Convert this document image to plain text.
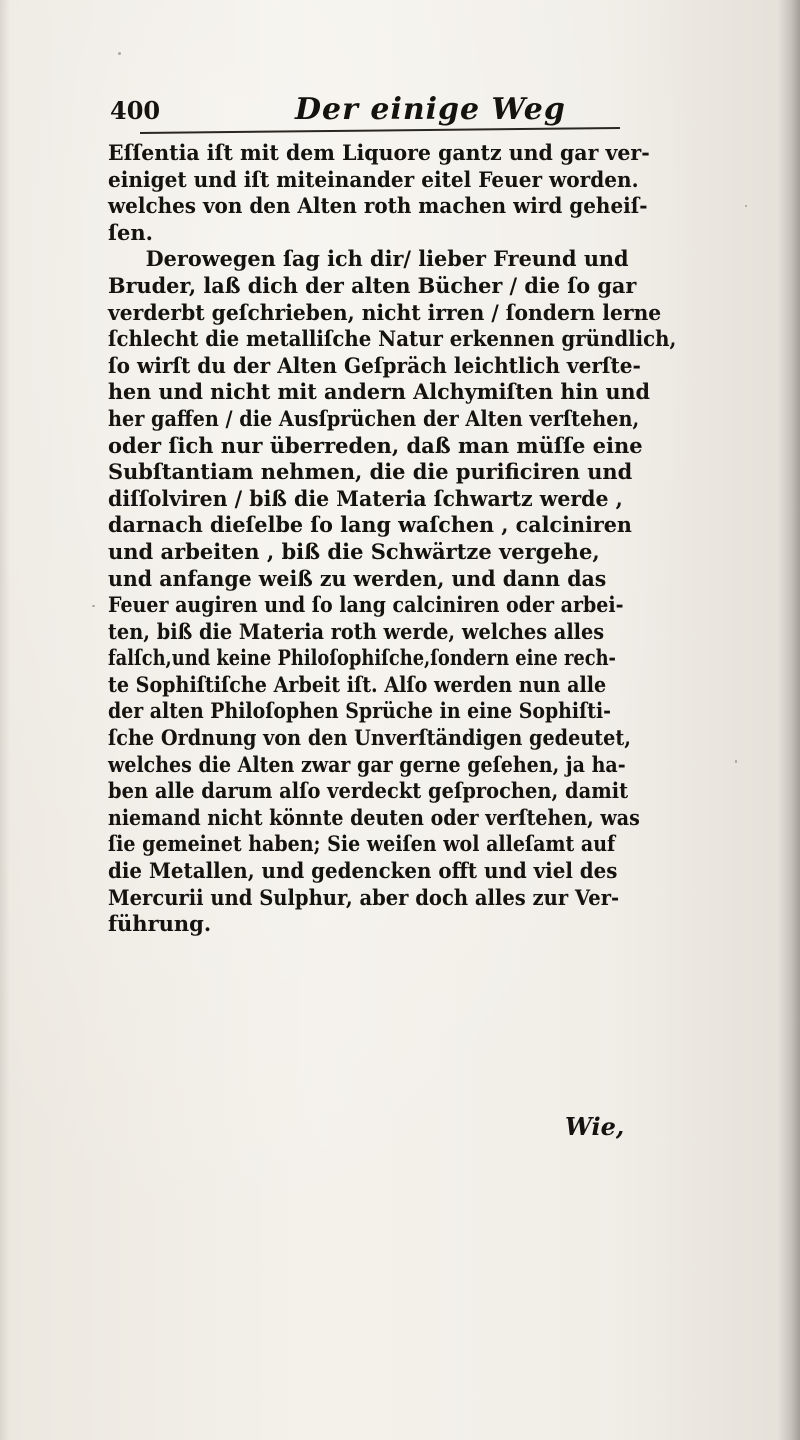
400	Der einige Weg
Eſſentia iſt mit dem Liquore gantz und gar ver-
einiget und iſt miteinander eitel Feuer worden.
welches von den Alten roth machen wird geheiſ-
ſen.
Derowegen ſag ich dir/ lieber Freund und
Bruder, laß dich der alten Bücher / die ſo gar
verderbt geſchrieben, nicht irren / ſondern lerne
ſchlecht die metalliſche Natur erkennen gründlich,
ſo wirſt du der Alten Geſpräch leichtlich verſte-
hen und nicht mit andern Alchymiſten hin und
her gaffen / die Ausſprüchen der Alten verſtehen,
oder ſich nur überreden, daß man müſſe eine
Subſtantiam nehmen, die die purificiren und
diſſolviren / biß die Materia ſchwartz werde ,
darnach dieſelbe ſo lang waſchen , calciniren
und arbeiten , biß die Schwärtze vergehe,
und anfange weiß zu werden, und dann das
Feuer augiren und ſo lang calciniren oder arbei-
ten, biß die Materia roth werde, welches alles
falſch,und keine Philoſophiſche,ſondern eine rech-
te Sophiſtiſche Arbeit iſt. Alſo werden nun alle
der alten Philoſophen Sprüche in eine Sophiſti-
ſche Ordnung von den Unverſtändigen gedeutet,
welches die Alten zwar gar gerne geſehen, ja ha-
ben alle darum alſo verdeckt geſprochen, damit
niemand nicht könnte deuten oder verſtehen, was
ſie gemeinet haben; Sie weiſen wol alleſamt auf
die Metallen, und gedencken offt und viel des
Mercurii und Sulphur, aber doch alles zur Ver-
führung.
Wie,
